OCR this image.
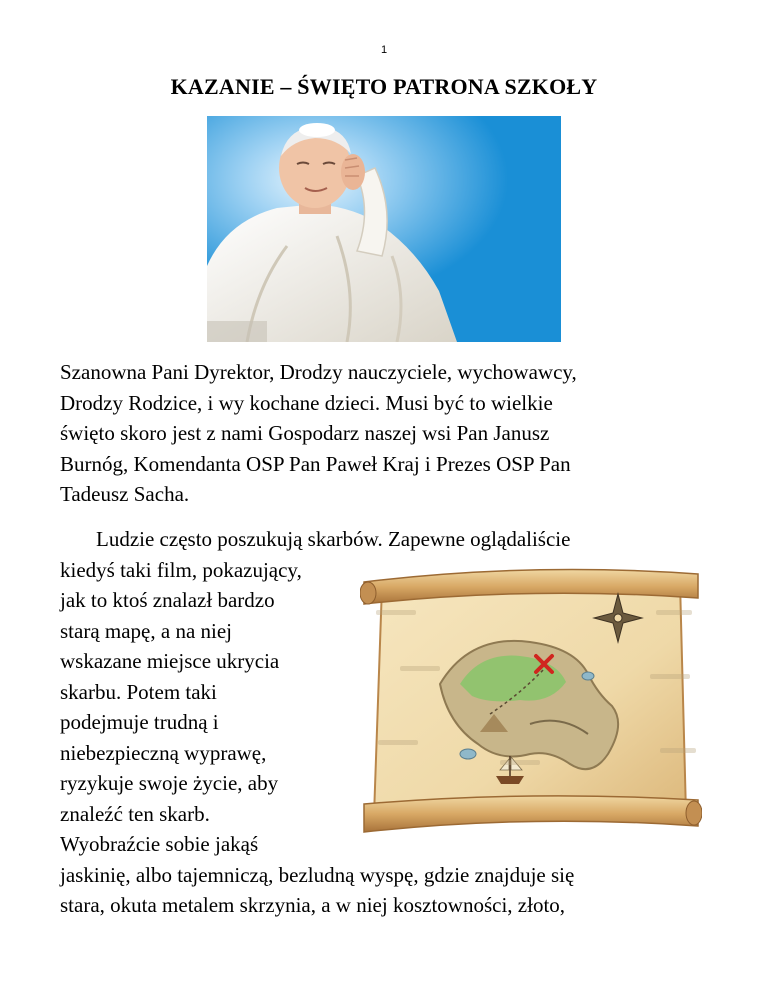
1
KAZANIE – ŚWIĘTO PATRONA SZKOŁY
Szanowna Pani Dyrektor, Drodzy nauczyciele, wychowawcy,
Drodzy Rodzice, i wy kochane dzieci. Musi być to wielkie
święto skoro jest z nami Gospodarz naszej wsi Pan Janusz
Burnóg, Komendanta OSP Pan Paweł Kraj i Prezes OSP Pan
Tadeusz Sacha.
Ludzie często poszukują skarbów. Zapewne oglądaliście
kiedyś taki film, pokazujący,
jak to ktoś znalazł bardzo
starą mapę, a na niej
wskazane miejsce ukrycia
skarbu. Potem taki
podejmuje trudną i
niebezpieczną wyprawę,
ryzykuje swoje życie, aby
znaleźć ten skarb.
Wyobraźcie sobie jakąś
jaskinię, albo tajemniczą, bezludną wyspę, gdzie znajduje się
stara, okuta metalem skrzynia, a w niej kosztowności, złoto,
